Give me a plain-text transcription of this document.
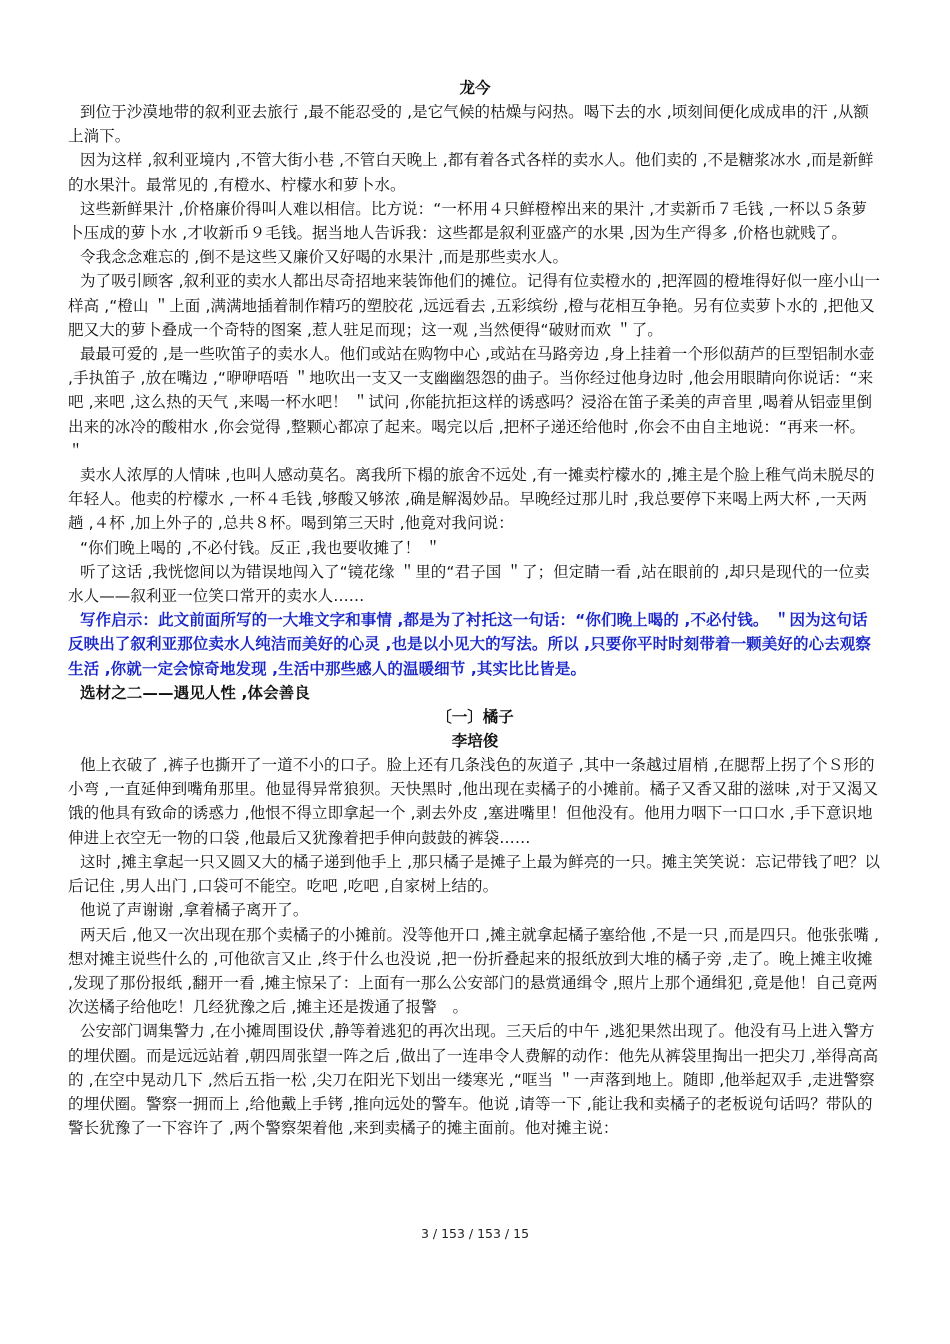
龙今

到位于沙漠地带的叙利亚去旅行 ,最不能忍受的 ,是它气候的枯燥与闷热。喝下去的水 ,顷刻间便化成成串的汗 ,从额上淌下。

因为这样 ,叙利亚境内 ,不管大街小巷 ,不管白天晚上 ,都有着各式各样的卖水人。他们卖的 ,不是糖浆冰水 ,而是新鲜的水果汁。最常见的 ,有橙水、柠檬水和萝卜水。

这些新鲜果汁 ,价格廉价得叫人难以相信。比方说：“一杯用４只鲜橙榨出来的果汁 ,才卖新币７毛钱 ,一杯以５条萝卜压成的萝卜水 ,才收新币９毛钱。据当地人告诉我：这些都是叙利亚盛产的水果 ,因为生产得多 ,价格也就贱了。

令我念念难忘的 ,倒不是这些又廉价又好喝的水果汁 ,而是那些卖水人。

为了吸引顾客 ,叙利亚的卖水人都出尽奇招地来装饰他们的摊位。记得有位卖橙水的 ,把浑圆的橙堆得好似一座小山一样高 ,“橙山 ＂上面 ,满满地插着制作精巧的塑胶花 ,远远看去 ,五彩缤纷 ,橙与花相互争艳。另有位卖萝卜水的 ,把他又肥又大的萝卜叠成一个奇特的图案 ,惹人驻足而现；这一观 ,当然便得“破财而欢 ＂了。

最最可爱的 ,是一些吹笛子的卖水人。他们或站在购物中心 ,或站在马路旁边 ,身上挂着一个形似葫芦的巨型铝制水壶 ,手执笛子 ,放在嘴边 ,“咿咿唔唔 ＂地吹出一支又一支幽幽怨怨的曲子。当你经过他身边时 ,他会用眼睛向你说话：“来吧 ,来吧 ,这么热的天气 ,来喝一杯水吧！ ＂试问 ,你能抗拒这样的诱惑吗？浸浴在笛子柔美的声音里 ,喝着从铝壶里倒出来的冰冷的酸柑水 ,你会觉得 ,整颗心都凉了起来。喝完以后 ,把杯子递还给他时 ,你会不由自主地说：“再来一杯。 ＂

卖水人浓厚的人情味 ,也叫人感动莫名。离我所下榻的旅舍不远处 ,有一摊卖柠檬水的 ,摊主是个脸上稚气尚未脱尽的年轻人。他卖的柠檬水 ,一杯４毛钱 ,够酸又够浓 ,确是解渴妙品。早晚经过那儿时 ,我总要停下来喝上两大杯 ,一天两趟 ,４杯 ,加上外子的 ,总共８杯。喝到第三天时 ,他竟对我问说：

“你们晚上喝的 ,不必付钱。反正 ,我也要收摊了！ ＂

听了这话 ,我恍惚间以为错误地闯入了“镜花缘 ＂里的“君子国 ＂了；但定睛一看 ,站在眼前的 ,却只是现代的一位卖水人——叙利亚一位笑口常开的卖水人……

写作启示：此文前面所写的一大堆文字和事情 ,都是为了衬托这一句话：“你们晚上喝的 ,不必付钱。 ＂因为这句话反映出了叙利亚那位卖水人纯洁而美好的心灵 ,也是以小见大的写法。所以 ,只要你平时时刻带着一颗美好的心去观察生活 ,你就一定会惊奇地发现 ,生活中那些感人的温暖细节 ,其实比比皆是。

选材之二——遇见人性 ,体会善良

〔一〕橘子

李培俊

他上衣破了 ,裤子也撕开了一道不小的口子。脸上还有几条浅色的灰道子 ,其中一条越过眉梢 ,在腮帮上拐了个Ｓ形的小弯 ,一直延伸到嘴角那里。他显得异常狼狈。天快黑时 ,他出现在卖橘子的小摊前。橘子又香又甜的滋味 ,对于又渴又饿的他具有致命的诱惑力 ,他恨不得立即拿起一个 ,剥去外皮 ,塞进嘴里！但他没有。他用力咽下一口口水 ,手下意识地伸进上衣空无一物的口袋 ,他最后又犹豫着把手伸向鼓鼓的裤袋……

这时 ,摊主拿起一只又圆又大的橘子递到他手上 ,那只橘子是摊子上最为鲜亮的一只。摊主笑笑说：忘记带钱了吧？以后记住 ,男人出门 ,口袋可不能空。吃吧 ,吃吧 ,自家树上结的。

他说了声谢谢 ,拿着橘子离开了。

两天后 ,他又一次出现在那个卖橘子的小摊前。没等他开口 ,摊主就拿起橘子塞给他 ,不是一只 ,而是四只。他张张嘴 ,想对摊主说些什么的 ,可他欲言又止 ,终于什么也没说 ,把一份折叠起来的报纸放到大堆的橘子旁 ,走了。晚上摊主收摊 ,发现了那份报纸 ,翻开一看 ,摊主惊呆了：上面有一那么公安部门的悬赏通缉令 ,照片上那个通缉犯 ,竟是他！自己竟两次送橘子给他吃！几经犹豫之后 ,摊主还是拨通了报警　。

公安部门调集警力 ,在小摊周围设伏 ,静等着逃犯的再次出现。三天后的中午 ,逃犯果然出现了。他没有马上进入警方的埋伏圈。而是远远站着 ,朝四周张望一阵之后 ,做出了一连串令人费解的动作：他先从裤袋里掏出一把尖刀 ,举得高高的 ,在空中晃动几下 ,然后五指一松 ,尖刀在阳光下划出一缕寒光 ,“哐当 ＂一声落到地上。随即 ,他举起双手 ,走进警察的埋伏圈。警察一拥而上 ,给他戴上手铐 ,推向远处的警车。他说 ,请等一下 ,能让我和卖橘子的老板说句话吗？带队的警长犹豫了一下容许了 ,两个警察架着他 ,来到卖橘子的摊主面前。他对摊主说：

3 / 153 / 153 / 15
